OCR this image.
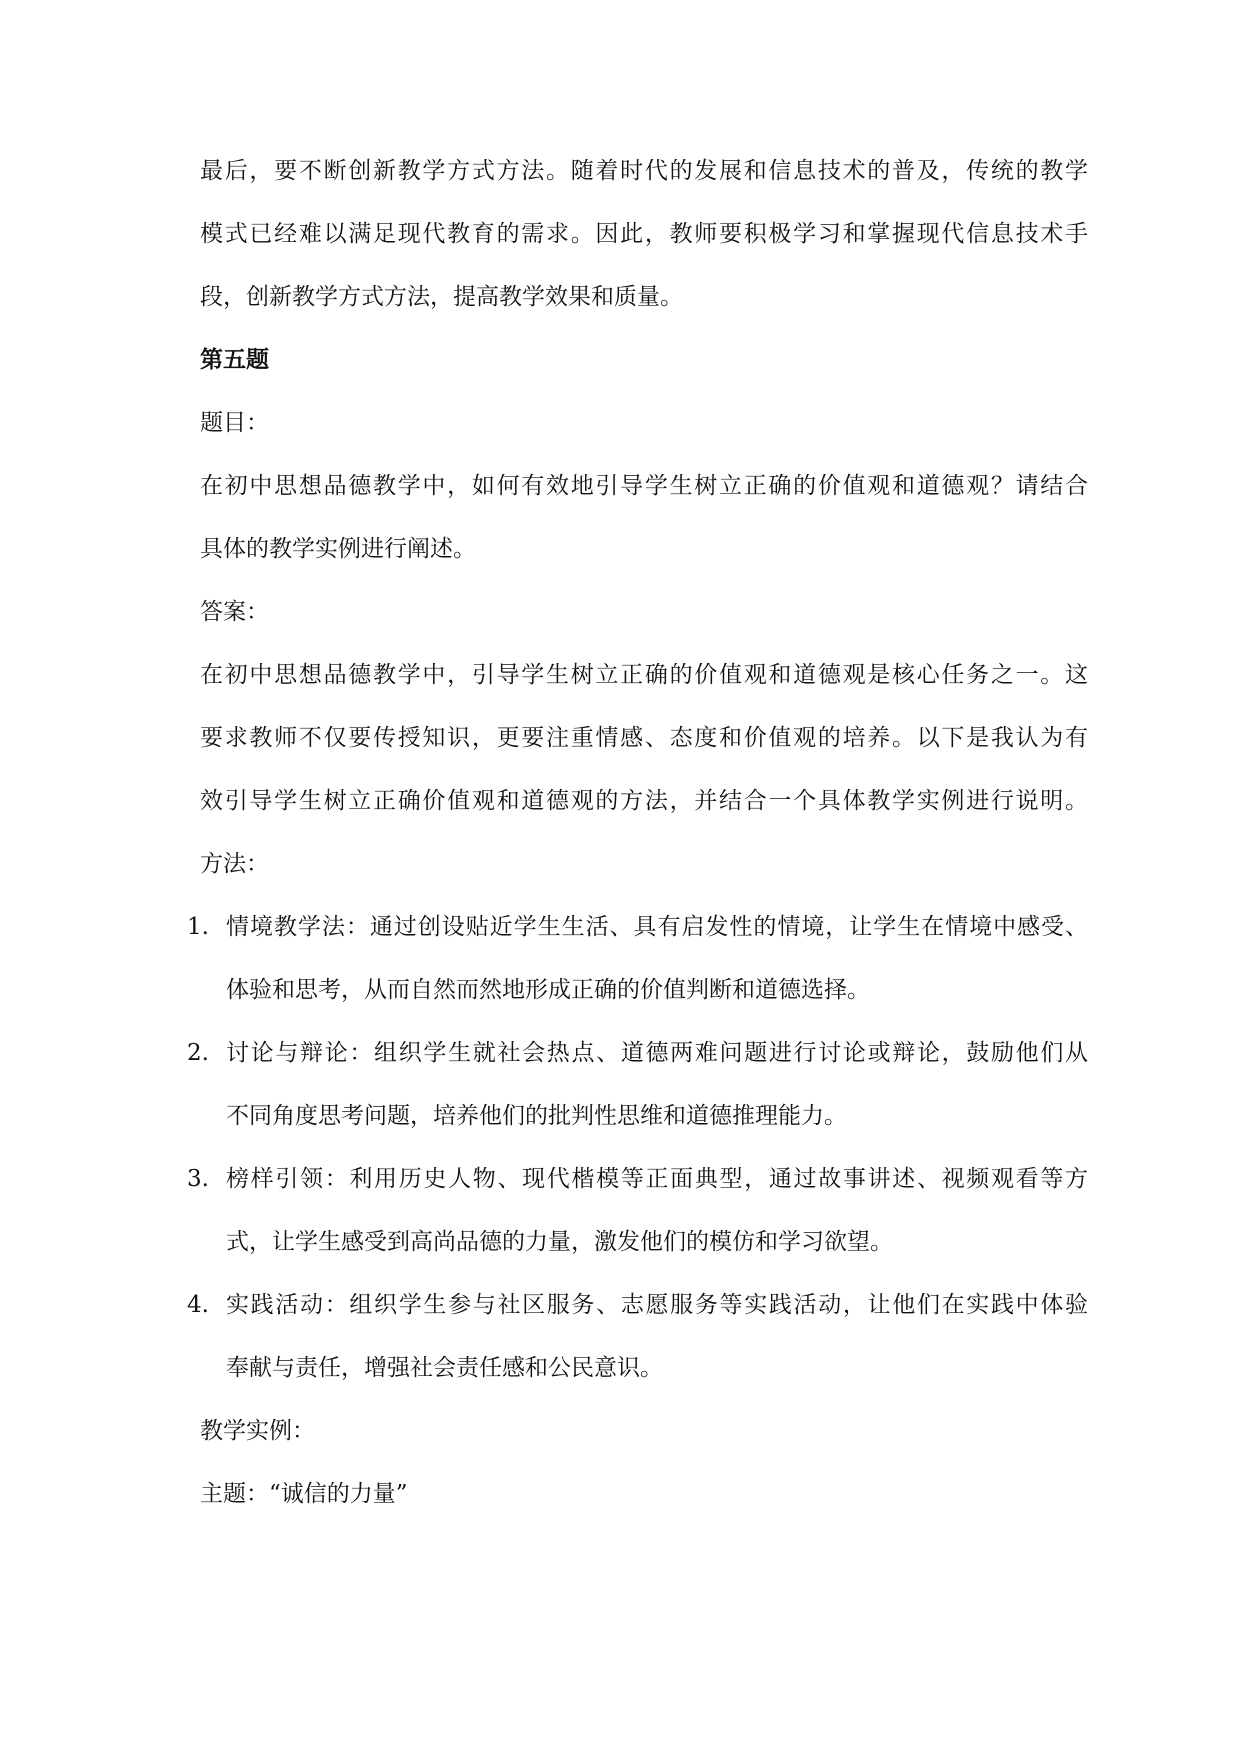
最后，要不断创新教学方式方法。随着时代的发展和信息技术的普及，传统的教学
模式已经难以满足现代教育的需求。因此，教师要积极学习和掌握现代信息技术手
段，创新教学方式方法，提高教学效果和质量。
第五题
题目：
在初中思想品德教学中，如何有效地引导学生树立正确的价值观和道德观？请结合
具体的教学实例进行阐述。
答案：
在初中思想品德教学中，引导学生树立正确的价值观和道德观是核心任务之一。这
要求教师不仅要传授知识，更要注重情感、态度和价值观的培养。以下是我认为有
效引导学生树立正确价值观和道德观的方法，并结合一个具体教学实例进行说明。
方法：
1. 情境教学法：通过创设贴近学生生活、具有启发性的情境，让学生在情境中感受、
体验和思考，从而自然而然地形成正确的价值判断和道德选择。
2. 讨论与辩论：组织学生就社会热点、道德两难问题进行讨论或辩论，鼓励他们从
不同角度思考问题，培养他们的批判性思维和道德推理能力。
3. 榜样引领：利用历史人物、现代楷模等正面典型，通过故事讲述、视频观看等方
式，让学生感受到高尚品德的力量，激发他们的模仿和学习欲望。
4. 实践活动：组织学生参与社区服务、志愿服务等实践活动，让他们在实践中体验
奉献与责任，增强社会责任感和公民意识。
教学实例：
主题：“诚信的力量”
